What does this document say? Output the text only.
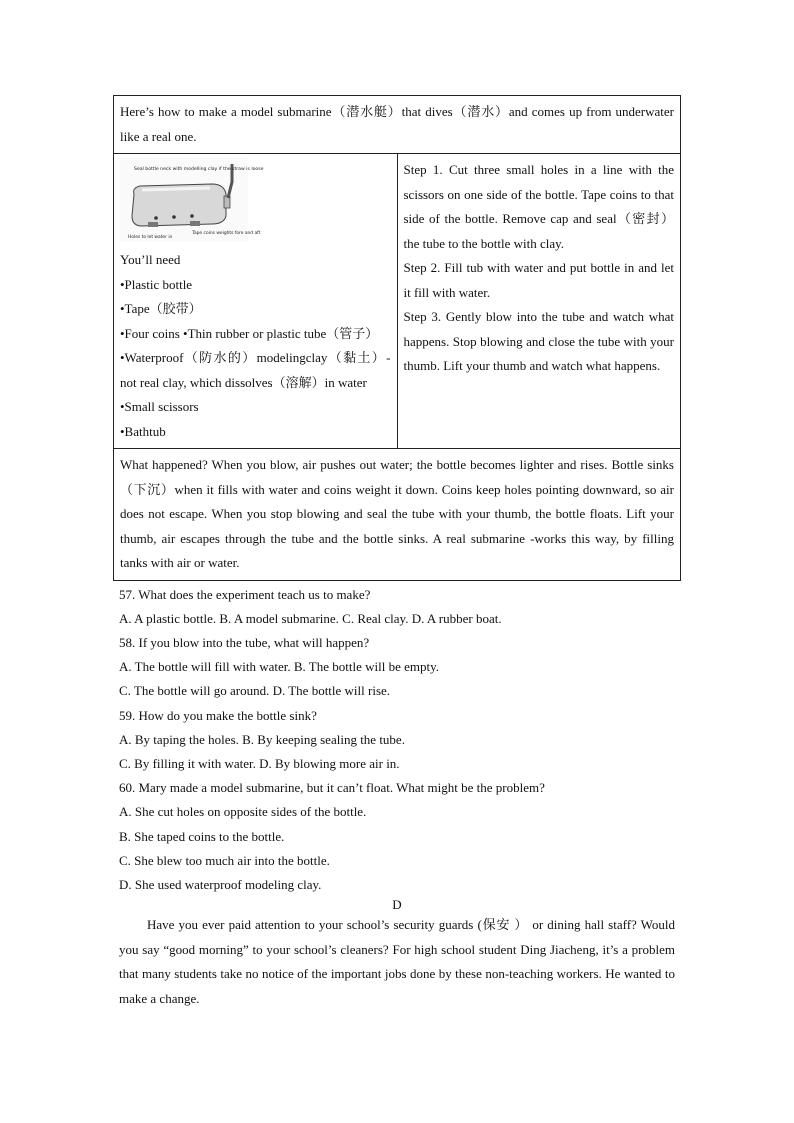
Here’s how to make a model submarine（潜水艇）that dives（潜水）and comes up from underwater like a real one.

Seal bottle neck with modelling clay if the straw is loose
Tape coins weights fore and aft
Holes to let water in
You’ll need
•Plastic bottle
•Tape（胶带）
•Four coins •Thin rubber or plastic tube（管子）
•Waterproof（防水的）modelingclay（黏土）- not real clay, which dissolves（溶解）in water
•Small scissors
•Bathtub

Step 1. Cut three small holes in a line with the scissors on one side of the bottle. Tape coins to that side of the bottle. Remove cap and seal（密封）the tube to the bottle with clay.
Step 2. Fill tub with water and put bottle in and let it fill with water.
Step 3. Gently blow into the tube and watch what happens. Stop blowing and close the tube with your thumb. Lift your thumb and watch what happens.

What happened? When you blow, air pushes out water; the bottle becomes lighter and rises. Bottle sinks（下沉）when it fills with water and coins weight it down. Coins keep holes pointing downward, so air does not escape. When you stop blowing and seal the tube with your thumb, the bottle floats. Lift your thumb, air escapes through the tube and the bottle sinks. A real submarine -works this way, by filling tanks with air or water.
57. What does the experiment teach us to make?
A. A plastic bottle. B. A model submarine. C. Real clay. D. A rubber boat.
58. If you blow into the tube, what will happen?
A. The bottle will fill with water. B. The bottle will be empty.
C. The bottle will go around. D. The bottle will rise.
59. How do you make the bottle sink?
A. By taping the holes. B. By keeping sealing the tube.
C. By filling it with water. D. By blowing more air in.
60. Mary made a model submarine, but it can’t float. What might be the problem?
A. She cut holes on opposite sides of the bottle.
B. She taped coins to the bottle.
C. She blew too much air into the bottle.
D. She used waterproof modeling clay.
D
Have you ever paid attention to your school’s security guards (保安 ） or dining hall staff? Would you say “good morning” to your school’s cleaners? For high school student Ding Jiacheng, it’s a problem that many students take no notice of the important jobs done by these non-teaching workers. He wanted to make a change.
